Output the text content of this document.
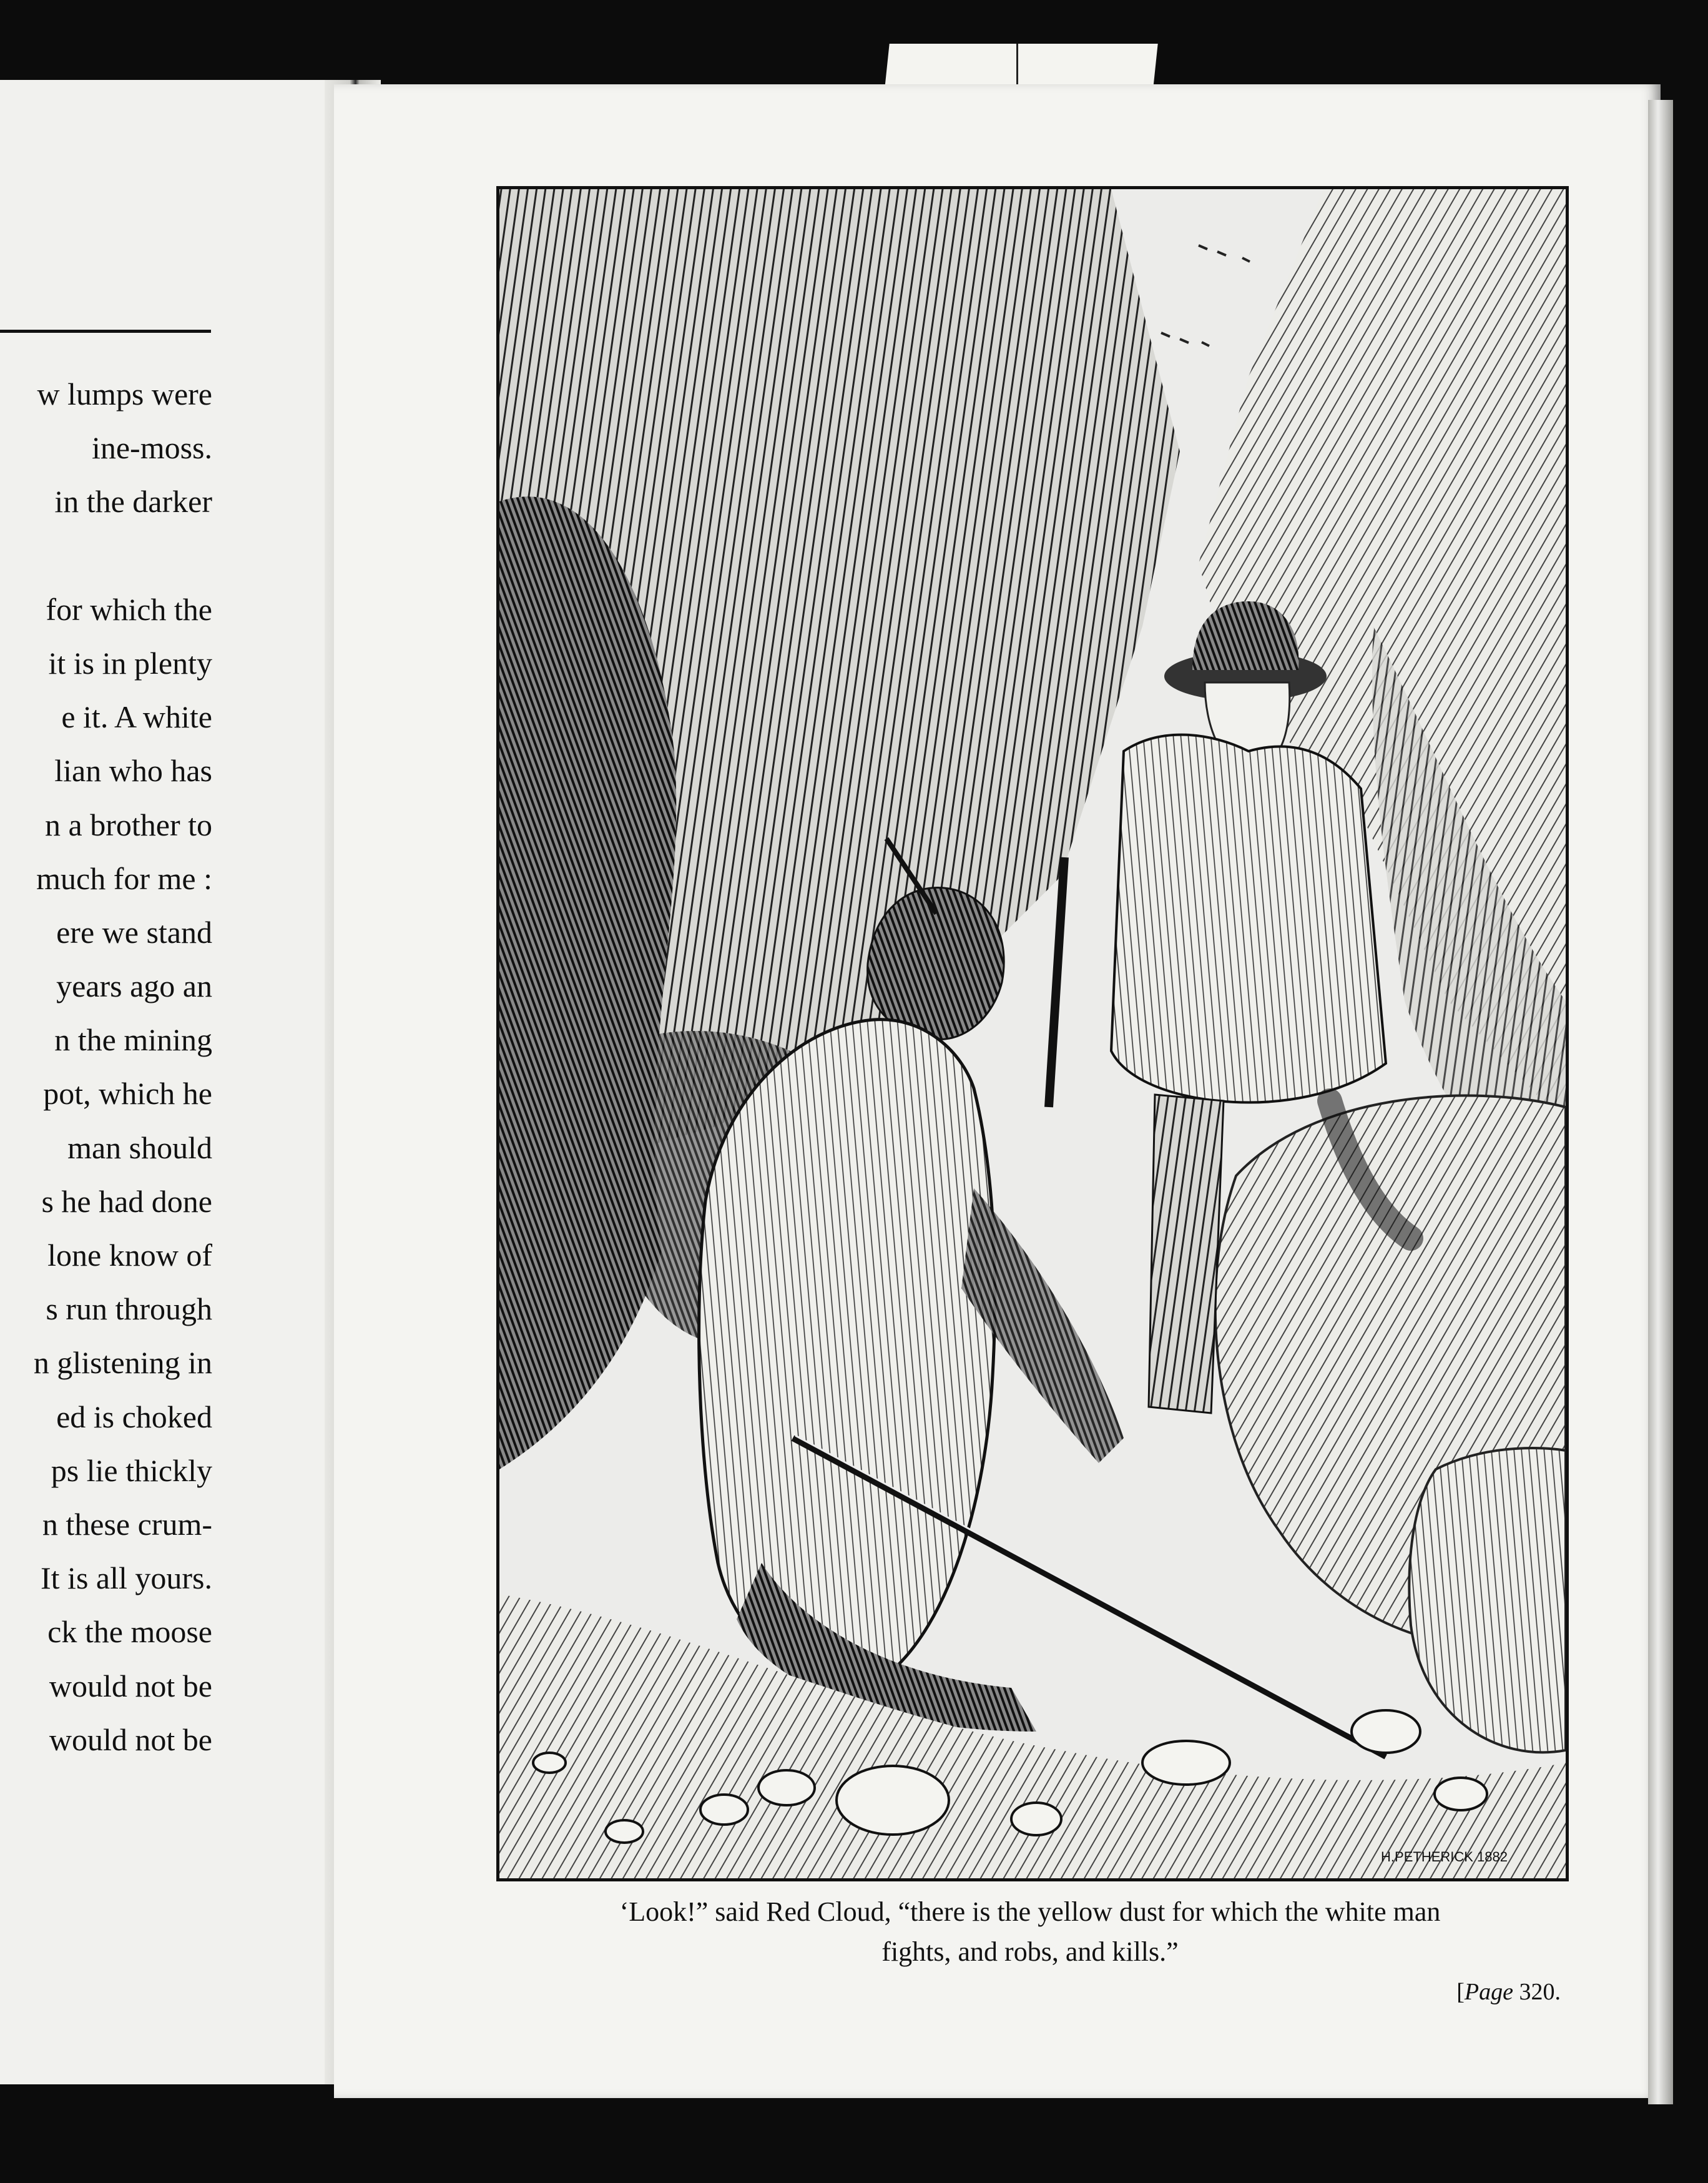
w lumps were
ine-moss.
in the darker
for which the
it is in plenty
e it. A white
lian who has
n a brother to
much for me :
ere we stand
years ago an
n the mining
pot, which he
man should
s he had done
lone know of
s run through
n glistening in
ed is choked
ps lie thickly
n these crum-
It is all yours.
ck the moose
would not be
would not be
H.PETHERICK 1882
‘Look!” said Red Cloud, “there is the yellow dust for which the white man
fights, and robs, and kills.”
[Page 320.
